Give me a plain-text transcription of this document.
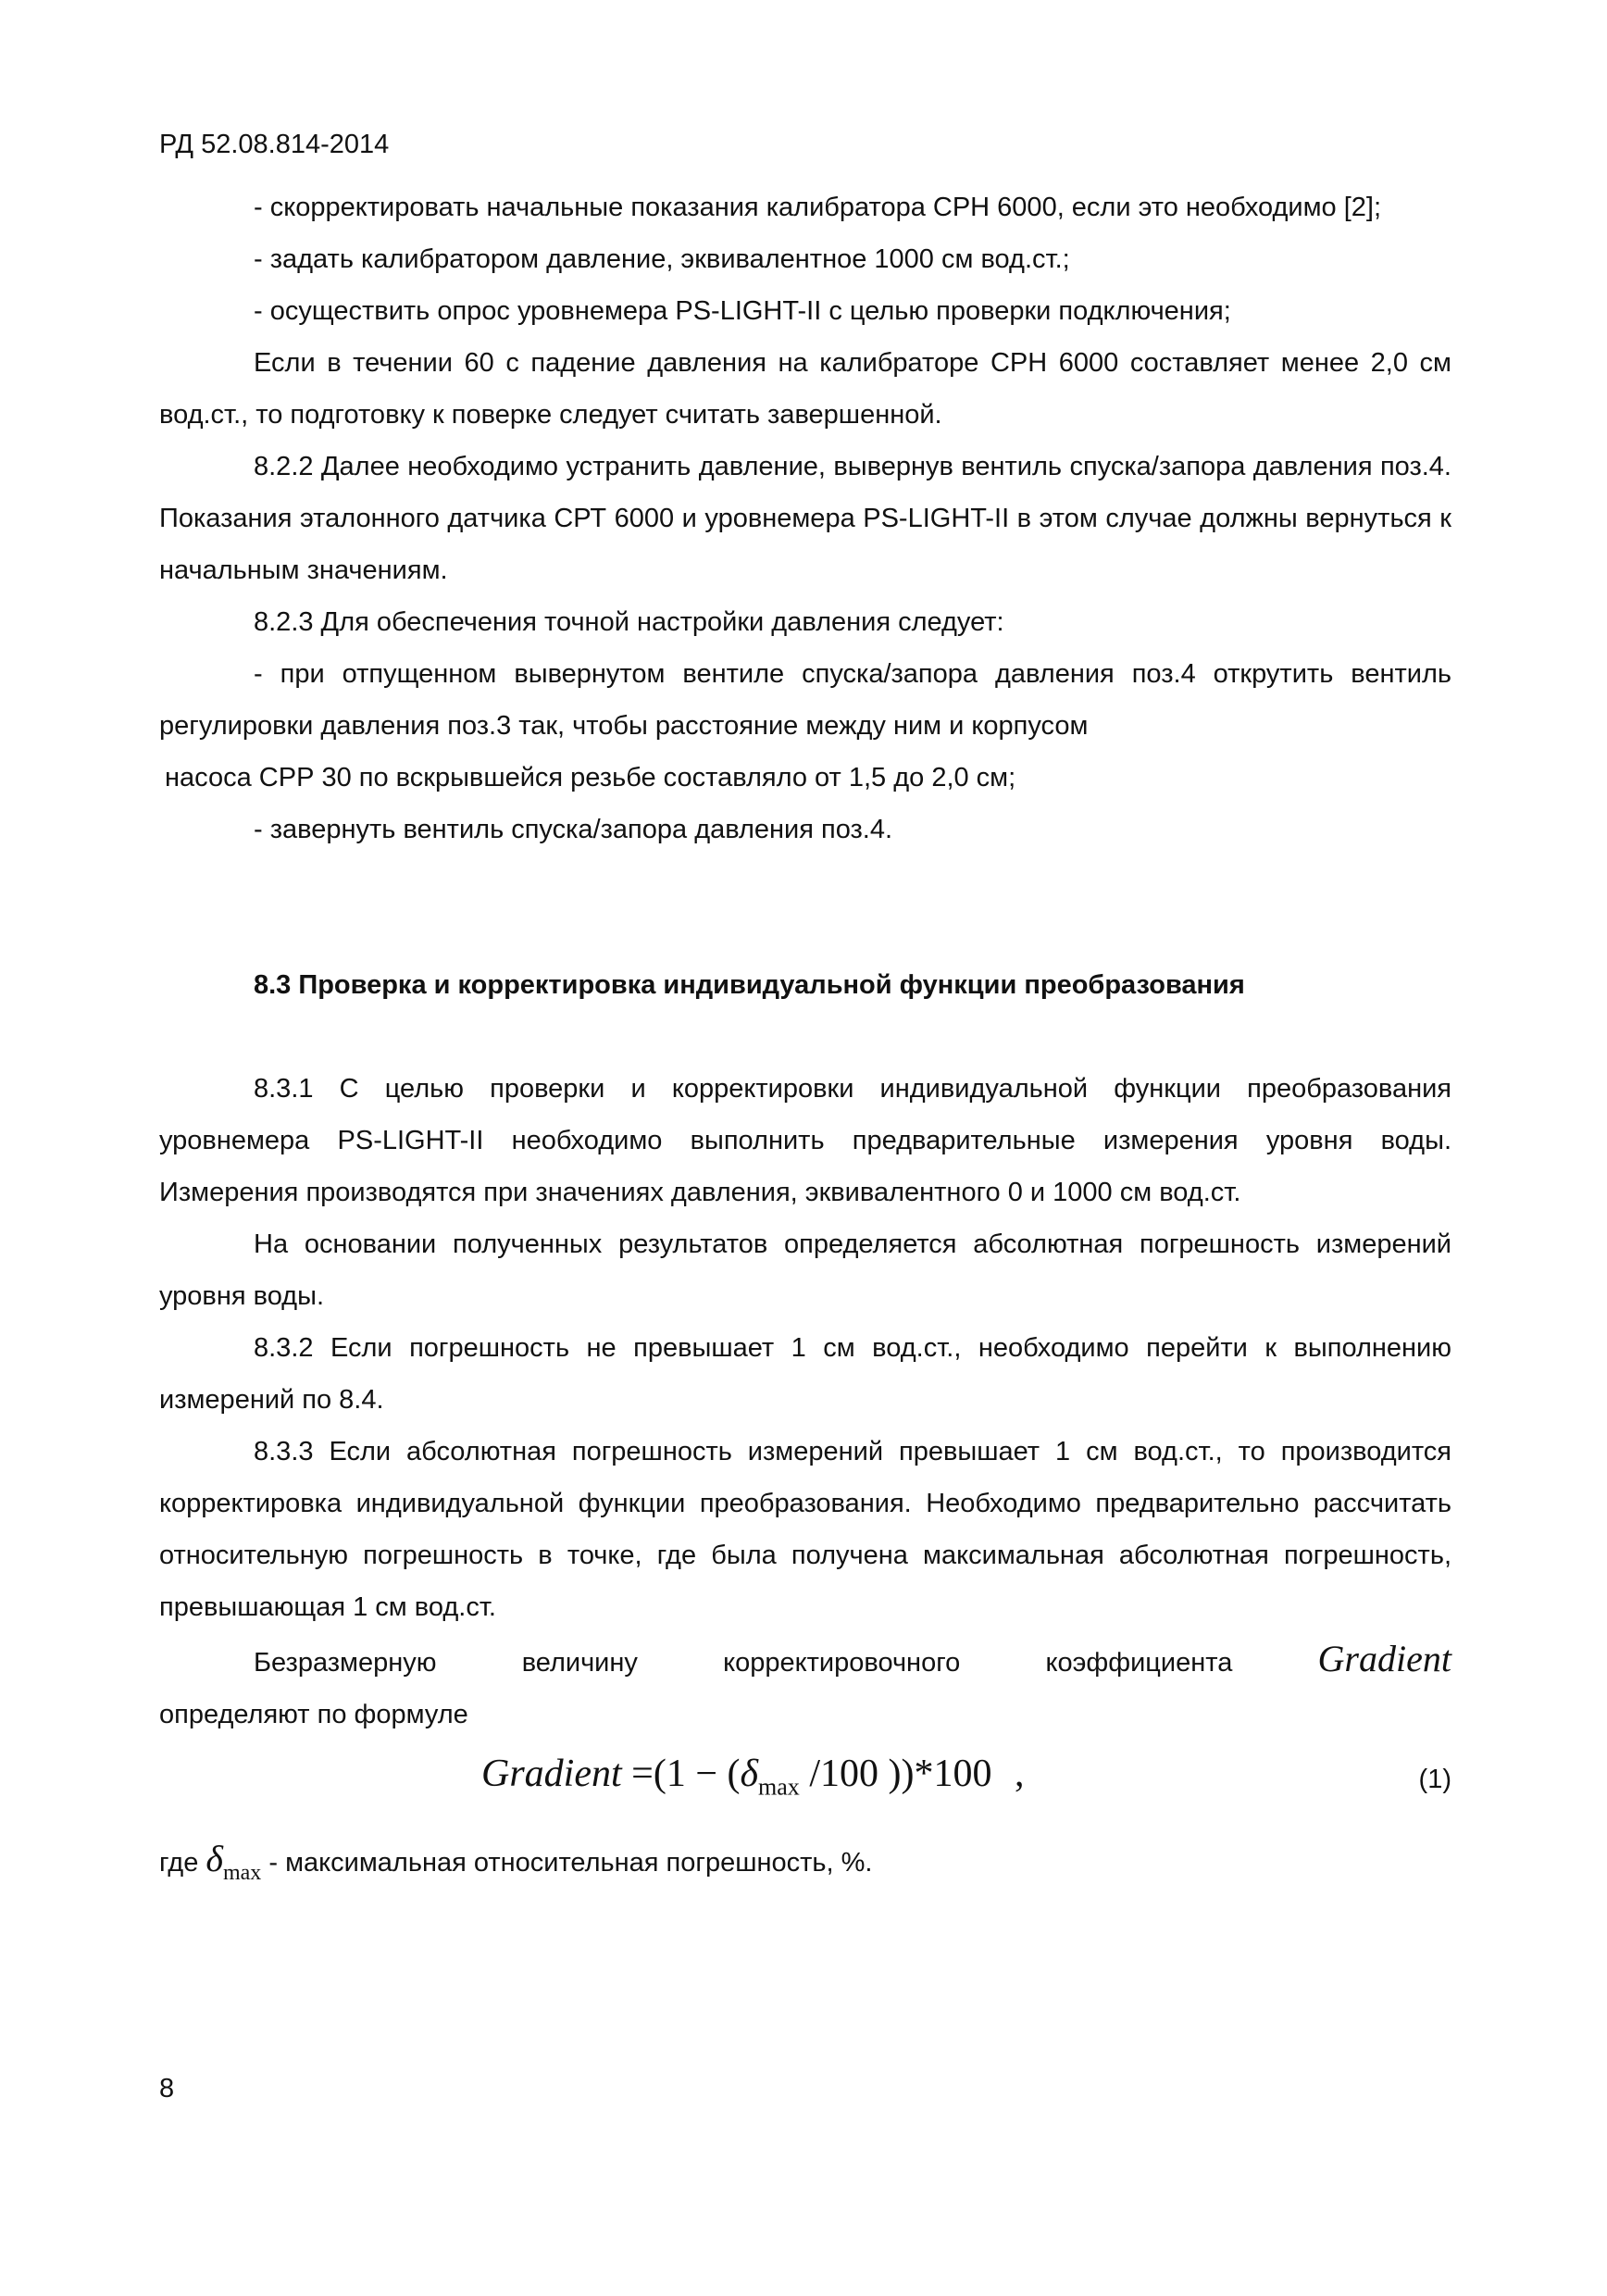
РД 52.08.814-2014

- скорректировать начальные показания калибратора СРН 6000, если это необходимо [2];

- задать калибратором давление, эквивалентное 1000 см вод.ст.;

- осуществить опрос уровнемера PS-LIGHT-II с целью проверки подключения;

Если в течении 60 с падение давления на калибраторе СРН 6000 составляет менее 2,0 см вод.ст., то подготовку к поверке следует считать завершенной.

8.2.2 Далее необходимо устранить давление, вывернув вентиль спуска/запора давления поз.4. Показания эталонного датчика СРТ 6000 и уровнемера PS-LIGHT-II в этом случае должны вернуться к начальным значениям.

8.2.3 Для обеспечения точной настройки давления следует:

- при отпущенном вывернутом вентиле спуска/запора давления поз.4 открутить вентиль регулировки давления поз.3 так, чтобы расстояние между ним и корпусом

насоса СРР 30 по вскрывшейся резьбе составляло от 1,5 до 2,0 см;

- завернуть вентиль спуска/запора давления поз.4.

8.3 Проверка и корректировка индивидуальной функции преобразования

8.3.1 С целью проверки и корректировки индивидуальной функции преобразования уровнемера PS-LIGHT-II необходимо выполнить предварительные измерения уровня воды. Измерения производятся при значениях давления, эквивалентного 0 и 1000 см вод.ст.

На основании полученных результатов определяется абсолютная погрешность измерений уровня воды.

8.3.2 Если погрешность не превышает 1 см вод.ст., необходимо перейти к выполнению измерений по 8.4.

8.3.3 Если абсолютная погрешность измерений превышает 1 см вод.ст., то производится корректировка индивидуальной функции преобразования. Необходимо предварительно рассчитать относительную погрешность в точке, где была получена максимальная абсолютная погрешность, превышающая 1 см вод.ст.

Безразмерную	величину	корректировочного	коэффициента Gradient

определяют по формуле

Gradient $=(1 - (\delta_{max}$ /100 ))*100 ,	(1)
где $\delta_{max}$ - максимальная относительная погрешность, %.
8
